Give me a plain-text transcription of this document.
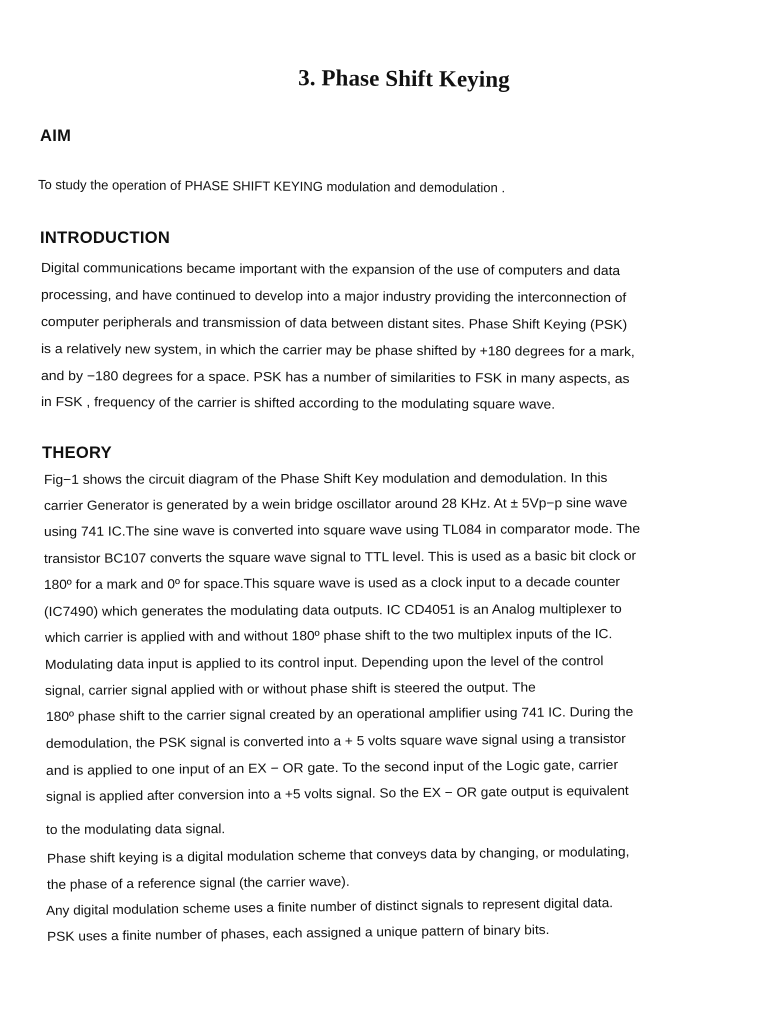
3. Phase Shift Keying
AIM
To study the operation of PHASE SHIFT KEYING modulation and demodulation .
INTRODUCTION
Digital communications became important with the expansion of the use of computers and data
processing, and have continued to develop into a major industry providing the interconnection of
computer peripherals and transmission of data between distant sites. Phase Shift Keying (PSK)
is a relatively new system, in which the carrier may be phase shifted by +180 degrees for a mark,
and by −180 degrees for a space. PSK has a number of similarities to FSK in many aspects, as
in FSK , frequency of the carrier is shifted according to the modulating square wave.
THEORY
Fig−1 shows the circuit diagram of the Phase Shift Key modulation and demodulation. In this
carrier Generator is generated by a wein bridge oscillator around 28 KHz. At ± 5Vp−p sine wave
using 741 IC.The sine wave is converted into square wave using TL084 in comparator mode. The
transistor BC107 converts the square wave signal to TTL level. This is used as a basic bit clock or
180º for a mark and 0º for space.This square wave is used as a clock input to a decade counter
(IC7490) which generates the modulating data outputs. IC CD4051 is an Analog multiplexer to
which carrier is applied with and without 180º phase shift to the two multiplex inputs of the IC.
Modulating data input is applied to its control input. Depending upon the level of the control
signal, carrier signal applied with or without phase shift is steered the output. The
180º phase shift to the carrier signal created by an operational amplifier using 741 IC. During the
demodulation, the PSK signal is converted into a + 5 volts square wave signal using a transistor
and is applied to one input of an EX − OR gate. To the second input of the Logic gate, carrier
signal is applied after conversion into a +5 volts signal. So the EX − OR gate output is equivalent
to the modulating data signal.
Phase shift keying is a digital modulation scheme that conveys data by changing, or modulating,
the phase of a reference signal (the carrier wave).
Any digital modulation scheme uses a finite number of distinct signals to represent digital data.
PSK uses a finite number of phases, each assigned a unique pattern of binary bits.
